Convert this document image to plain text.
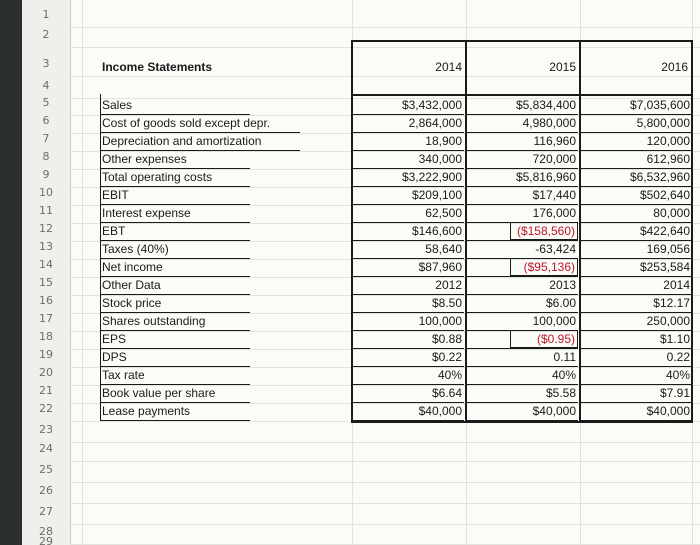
1
2
3
4
5
6
7
8
9
10
11
12
13
14
15
16
17
18
19
20
21
22
23
24
25
26
27
28
29
Income Statements	2014	2015	2016
Sales	$3,432,000	$5,834,400	$7,035,600
Cost of goods sold except depr.	2,864,000	4,980,000	5,800,000
Depreciation and amortization	18,900	116,960	120,000
Other expenses	340,000	720,000	612,960
Total operating costs	$3,222,900	$5,816,960	$6,532,960
EBIT	$209,100	$17,440	$502,640
Interest expense	62,500	176,000	80,000
EBT	$146,600	($158,560)	$422,640
Taxes (40%)	58,640	-63,424	169,056
Net income	$87,960	($95,136)	$253,584
Other Data	2012	2013	2014
Stock price	$8.50	$6.00	$12.17
Shares outstanding	100,000	100,000	250,000
EPS	$0.88	($0.95)	$1.10
DPS	$0.22	0.11	0.22
Tax rate	40%	40%	40%
Book value per share	$6.64	$5.58	$7.91
Lease payments	$40,000	$40,000	$40,000
